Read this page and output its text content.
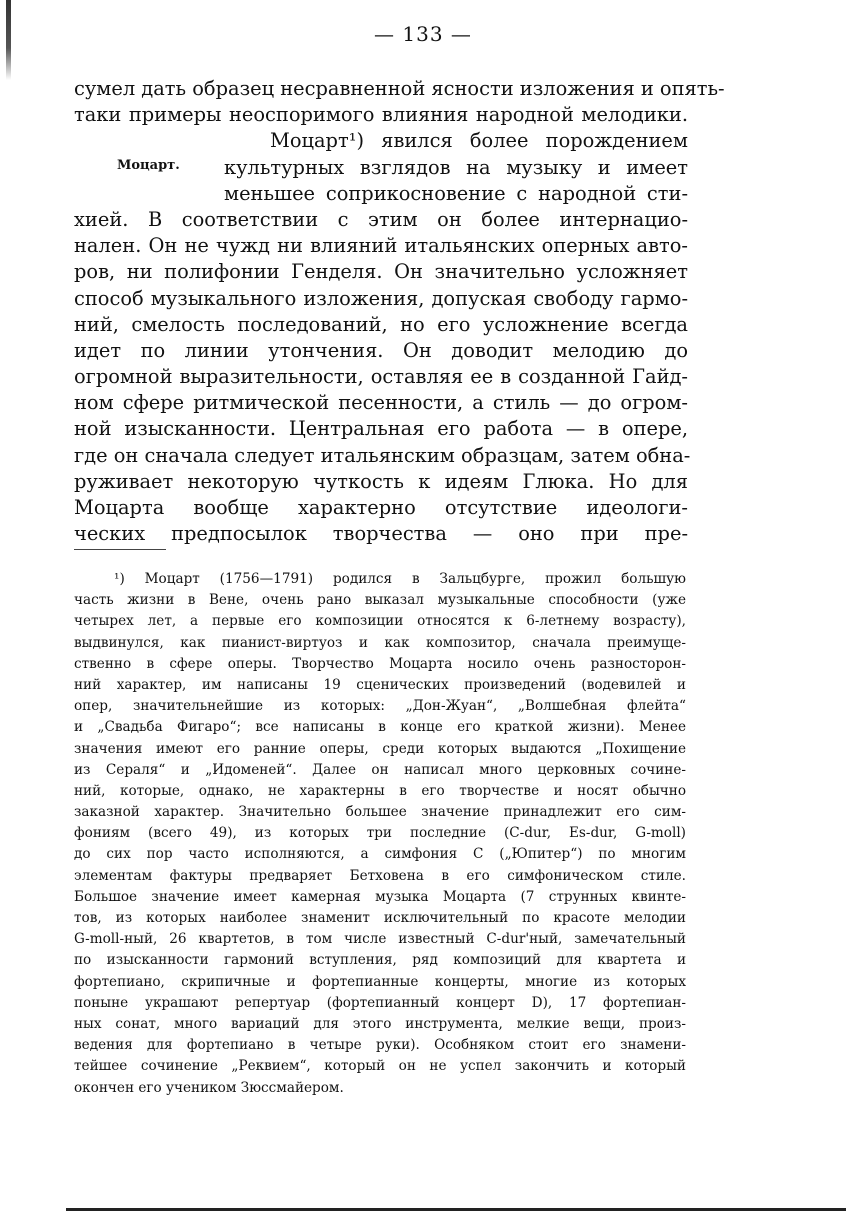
— 133 —
Моцарт.
сумел дать образец несравненной ясности изложения и опять-
таки примеры неоспоримого влияния народной мелодики.
Моцарт¹) явился более порождением
культурных взглядов на музыку и имеет
меньшее соприкосновение с народной сти-
хией. В соответствии с этим он более интернацио-
нален. Он не чужд ни влияний итальянских оперных авто-
ров, ни полифонии Генделя. Он значительно усложняет
способ музыкального изложения, допуская свободу гармо-
ний, смелость последований, но его усложнение всегда
идет по линии утончения. Он доводит мелодию до
огромной выразительности, оставляя ее в созданной Гайд-
ном сфере ритмической песенности, а стиль — до огром-
ной изысканности. Центральная его работа — в опере,
где он сначала следует итальянским образцам, затем обна-
руживает некоторую чуткость к идеям Глюка. Но для
Моцарта вообще характерно отсутствие идеологи-
ческих предпосылок творчества — оно при пре-
¹) Моцарт (1756—1791) родился в Зальцбурге, прожил большую
часть жизни в Вене, очень рано выказал музыкальные способности (уже
четырех лет, а первые его композиции относятся к 6-летнему возрасту),
выдвинулся, как пианист-виртуоз и как композитор, сначала преимуще-
ственно в сфере оперы. Творчество Моцарта носило очень разносторон-
ний характер, им написаны 19 сценических произведений (водевилей и
опер, значительнейшие из которых: „Дон-Жуан“, „Волшебная флейта“
и „Свадьба Фигаро“; все написаны в конце его краткой жизни). Менее
значения имеют его ранние оперы, среди которых выдаются „Похищение
из Сераля“ и „Идоменей“. Далее он написал много церковных сочине-
ний, которые, однако, не характерны в его творчестве и носят обычно
заказной характер. Значительно большее значение принадлежит его сим-
фониям (всего 49), из которых три последние (C-dur, Es-dur, G-moll)
до сих пор часто исполняются, а симфония C („Юпитер“) по многим
элементам фактуры предваряет Бетховена в его симфоническом стиле.
Большое значение имеет камерная музыка Моцарта (7 струнных квинте-
тов, из которых наиболее знаменит исключительный по красоте мелодии
G-moll-ный, 26 квартетов, в том числе известный C-dur'ный, замечательный
по изысканности гармоний вступления, ряд композиций для квартета и
фортепиано, скрипичные и фортепианные концерты, многие из которых
поныне украшают репертуар (фортепианный концерт D), 17 фортепиан-
ных сонат, много вариаций для этого инструмента, мелкие вещи, произ-
ведения для фортепиано в четыре руки). Особняком стоит его знамени-
тейшее сочинение „Реквием“, который он не успел закончить и который
окончен его учеником Зюссмайером.
